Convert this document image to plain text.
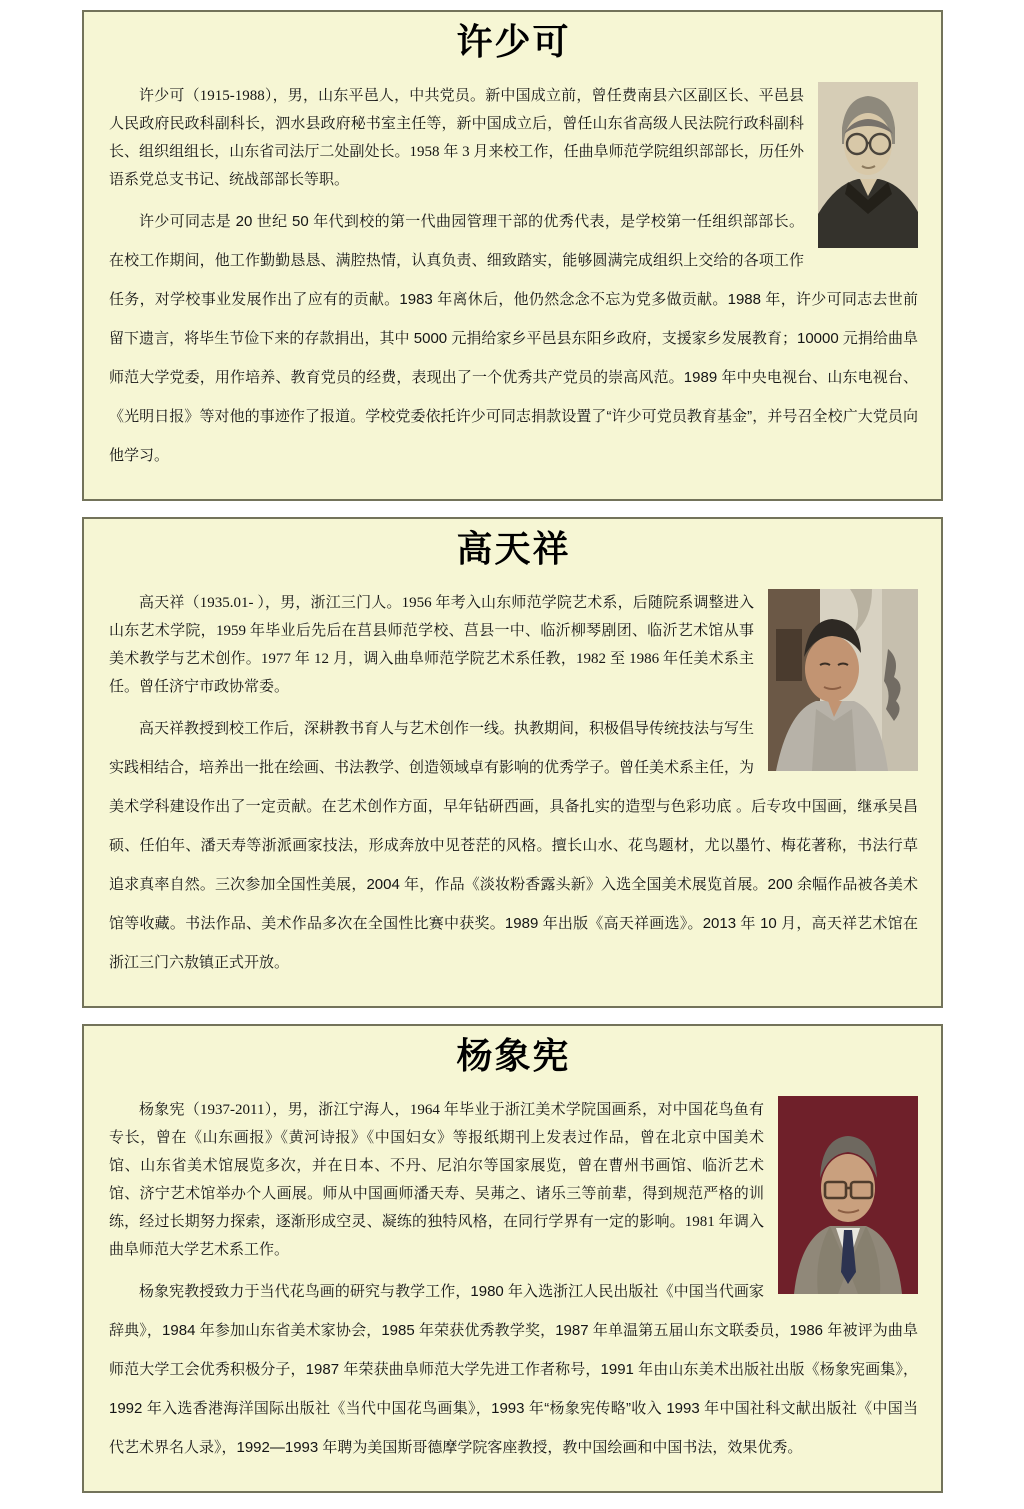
许少可

许少可（1915-1988），男，山东平邑人，中共党员。新中国成立前，曾任费南县六区副区长、平邑县人民政府民政科副科长，泗水县政府秘书室主任等，新中国成立后，曾任山东省高级人民法院行政科副科长、组织组组长，山东省司法厅二处副处长。1958 年 3 月来校工作，任曲阜师范学院组织部部长，历任外语系党总支书记、统战部部长等职。

许少可同志是 20 世纪 50 年代到校的第一代曲园管理干部的优秀代表，是学校第一任组织部部长。在校工作期间，他工作勤勤恳恳、满腔热情，认真负责、细致踏实，能够圆满完成组织上交给的各项工作任务，对学校事业发展作出了应有的贡献。1983 年离休后，他仍然念念不忘为党多做贡献。1988 年，许少可同志去世前留下遗言，将毕生节俭下来的存款捐出，其中 5000 元捐给家乡平邑县东阳乡政府，支援家乡发展教育；10000 元捐给曲阜师范大学党委，用作培养、教育党员的经费，表现出了一个优秀共产党员的崇高风范。1989 年中央电视台、山东电视台、《光明日报》等对他的事迹作了报道。学校党委依托许少可同志捐款设置了“许少可党员教育基金”，并号召全校广大党员向他学习。

高天祥

高天祥（1935.01- ），男，浙江三门人。1956 年考入山东师范学院艺术系，后随院系调整进入山东艺术学院，1959 年毕业后先后在莒县师范学校、莒县一中、临沂柳琴剧团、临沂艺术馆从事美术教学与艺术创作。1977 年 12 月，调入曲阜师范学院艺术系任教，1982 至 1986 年任美术系主任。曾任济宁市政协常委。

高天祥教授到校工作后，深耕教书育人与艺术创作一线。执教期间，积极倡导传统技法与写生实践相结合，培养出一批在绘画、书法教学、创造领域卓有影响的优秀学子。曾任美术系主任，为美术学科建设作出了一定贡献。在艺术创作方面，早年钻研西画，具备扎实的造型与色彩功底 。后专攻中国画，继承吴昌硕、任伯年、潘天寿等浙派画家技法，形成奔放中见苍茫的风格。擅长山水、花鸟题材，尤以墨竹、梅花著称，书法行草追求真率自然。三次参加全国性美展，2004 年，作品《淡妆粉香露头新》入选全国美术展览首展。200 余幅作品被各美术馆等收藏。书法作品、美术作品多次在全国性比赛中获奖。1989 年出版《高天祥画选》。2013 年 10 月，高天祥艺术馆在浙江三门六敖镇正式开放。

杨象宪

杨象宪（1937-2011），男，浙江宁海人，1964 年毕业于浙江美术学院国画系，对中国花鸟鱼有专长，曾在《山东画报》《黄河诗报》《中国妇女》等报纸期刊上发表过作品，曾在北京中国美术馆、山东省美术馆展览多次，并在日本、不丹、尼泊尔等国家展览，曾在曹州书画馆、临沂艺术馆、济宁艺术馆举办个人画展。师从中国画师潘天寿、吴茀之、诸乐三等前辈，得到规范严格的训练，经过长期努力探索，逐渐形成空灵、凝练的独特风格，在同行学界有一定的影响。1981 年调入曲阜师范大学艺术系工作。

杨象宪教授致力于当代花鸟画的研究与教学工作，1980 年入选浙江人民出版社《中国当代画家辞典》，1984 年参加山东省美术家协会，1985 年荣获优秀教学奖，1987 年单温第五届山东文联委员，1986 年被评为曲阜师范大学工会优秀积极分子，1987 年荣获曲阜师范大学先进工作者称号，1991 年由山东美术出版社出版《杨象宪画集》，1992 年入选香港海洋国际出版社《当代中国花鸟画集》，1993 年“杨象宪传略”收入 1993 年中国社科文献出版社《中国当代艺术界名人录》，1992—1993 年聘为美国斯哥德摩学院客座教授，教中国绘画和中国书法，效果优秀。
